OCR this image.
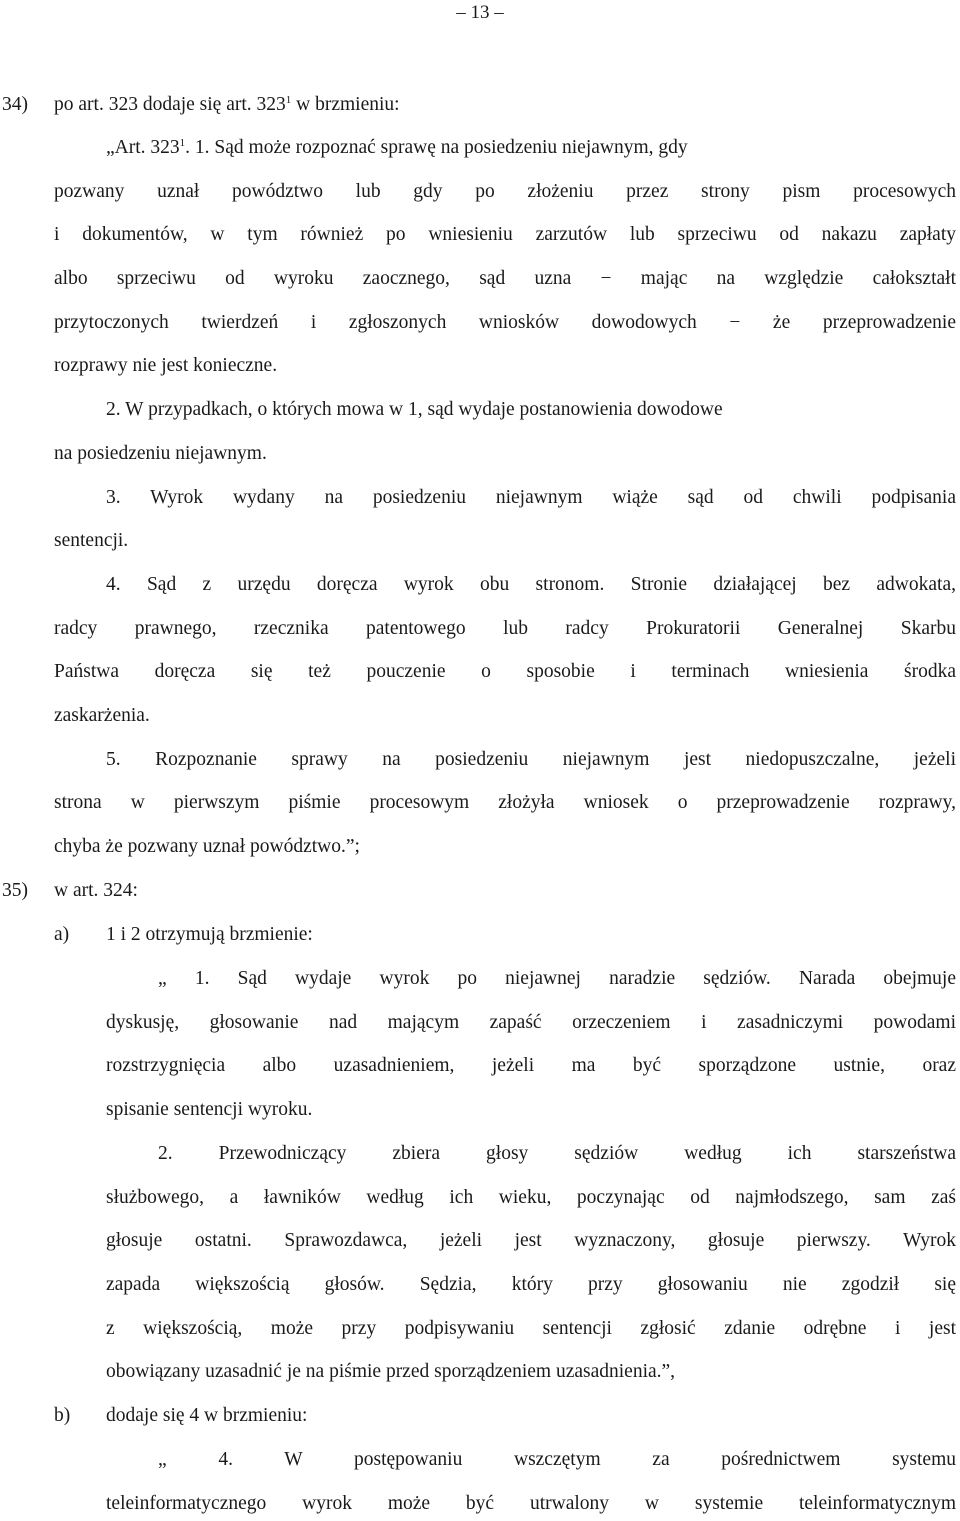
– 13 –
34) po art. 323 dodaje się art. $323^1$ w brzmieniu:
„Art. $323^1$. 1. Sąd może rozpoznać sprawę na posiedzeniu niejawnym, gdy
pozwany uznał powództwo lub gdy po złożeniu przez strony pism procesowych
i dokumentów, w tym również po wniesieniu zarzutów lub sprzeciwu od nakazu zapłaty
albo sprzeciwu od wyroku zaocznego, sąd uzna − mając na względzie całokształt
przytoczonych twierdzeń i zgłoszonych wniosków dowodowych − że przeprowadzenie
rozprawy nie jest konieczne.
2. W przypadkach, o których mowa w 1, sąd wydaje postanowienia dowodowe
na posiedzeniu niejawnym.
3. Wyrok wydany na posiedzeniu niejawnym wiąże sąd od chwili podpisania
sentencji.
4. Sąd z urzędu doręcza wyrok obu stronom. Stronie działającej bez adwokata,
radcy prawnego, rzecznika patentowego lub radcy Prokuratorii Generalnej Skarbu
Państwa doręcza się też pouczenie o sposobie i terminach wniesienia środka
zaskarżenia.
5. Rozpoznanie sprawy na posiedzeniu niejawnym jest niedopuszczalne, jeżeli
strona w pierwszym piśmie procesowym złożyła wniosek o przeprowadzenie rozprawy,
chyba że pozwany uznał powództwo.”;
35) w art. 324:
a) 1 i 2 otrzymują brzmienie:
„ 1. Sąd wydaje wyrok po niejawnej naradzie sędziów. Narada obejmuje
dyskusję, głosowanie nad mającym zapaść orzeczeniem i zasadniczymi powodami
rozstrzygnięcia albo uzasadnieniem, jeżeli ma być sporządzone ustnie, oraz
spisanie sentencji wyroku.
2. Przewodniczący zbiera głosy sędziów według ich starszeństwa
służbowego, a ławników według ich wieku, poczynając od najmłodszego, sam zaś
głosuje ostatni. Sprawozdawca, jeżeli jest wyznaczony, głosuje pierwszy. Wyrok
zapada większością głosów. Sędzia, który przy głosowaniu nie zgodził się
z większością, może przy podpisywaniu sentencji zgłosić zdanie odrębne i jest
obowiązany uzasadnić je na piśmie przed sporządzeniem uzasadnienia.”,
b) dodaje się 4 w brzmieniu:
„ 4. W postępowaniu wszczętym za pośrednictwem systemu
teleinformatycznego wyrok może być utrwalony w systemie teleinformatycznym
